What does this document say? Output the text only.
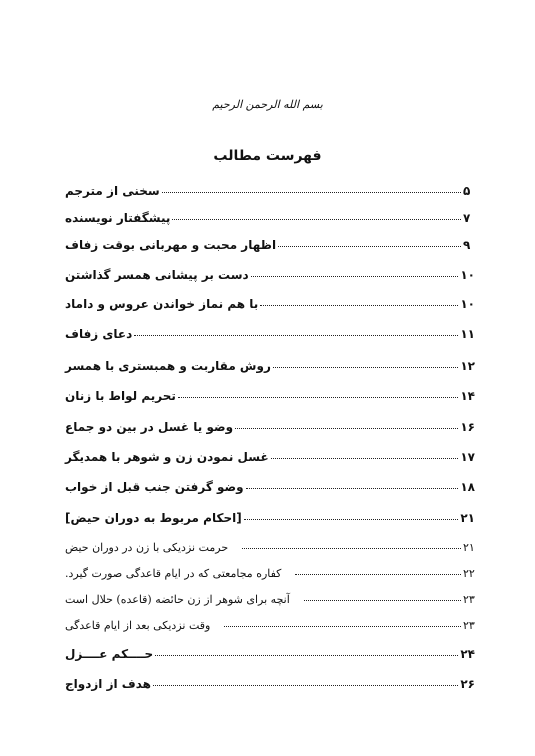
بسم الله الرحمن الرحیم
فهرست مطالب
سخنی از مترجم	۵
پیشگفتار نویسنده	۷
اظهار محبت و مهربانی بوقت زفاف	۹
دست بر پیشانی همسر گذاشتن	۱۰
با هم نماز خواندن عروس و داماد	۱۰
دعای زفاف	۱۱
روش مقاربت و همبستری با همسر	۱۲
تحریم لواط با زنان	۱۴
وضو یا غسل در بین دو جماع	۱۶
غسل نمودن زن و شوهر با همدیگر	۱۷
وضو گرفتن جنب قبل از خواب	۱۸
[احکام مربوط به دوران حیض]	۲۱
حرمت نزدیکی با زن در دوران حیض	۲۱
کفاره مجامعتی که در ایام قاعدگی صورت گیرد.	۲۲
آنچه برای شوهر از زن حائضه (قاعده) حلال است	۲۳
وقت نزدیکی بعد از ایام قاعدگی	۲۳
حــــکم عــــزل	۲۴
هدف از ازدواج	۲۶
